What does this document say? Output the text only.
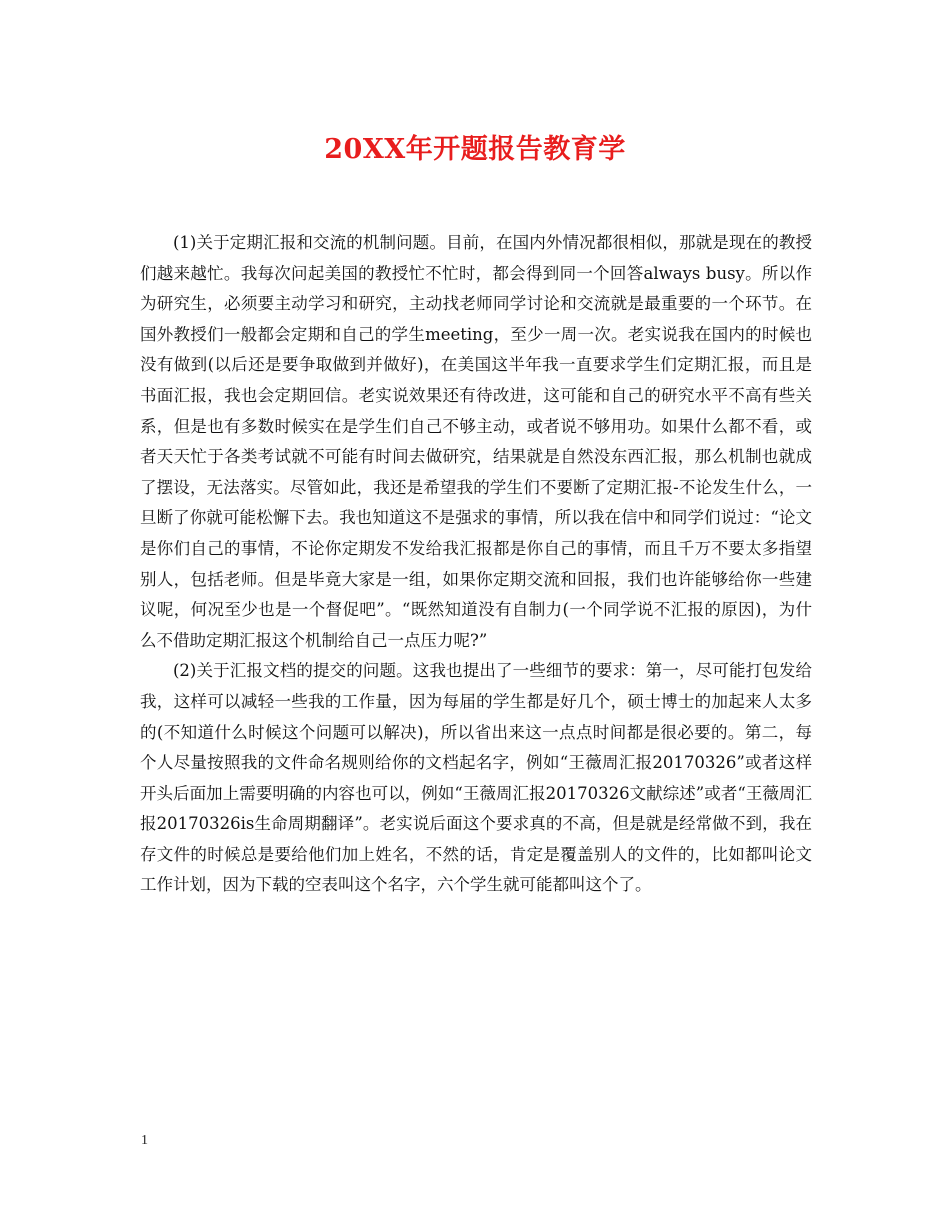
20XX年开题报告教育学

(1)关于定期汇报和交流的机制问题。目前，在国内外情况都很相似，那就是现在的教授们越来越忙。我每次问起美国的教授忙不忙时，都会得到同一个回答always busy。所以作为研究生，必须要主动学习和研究，主动找老师同学讨论和交流就是最重要的一个环节。在国外教授们一般都会定期和自己的学生meeting，至少一周一次。老实说我在国内的时候也没有做到(以后还是要争取做到并做好)，在美国这半年我一直要求学生们定期汇报，而且是书面汇报，我也会定期回信。老实说效果还有待改进，这可能和自己的研究水平不高有些关系，但是也有多数时候实在是学生们自己不够主动，或者说不够用功。如果什么都不看，或者天天忙于各类考试就不可能有时间去做研究，结果就是自然没东西汇报，那么机制也就成了摆设，无法落实。尽管如此，我还是希望我的学生们不要断了定期汇报-不论发生什么，一旦断了你就可能松懈下去。我也知道这不是强求的事情，所以我在信中和同学们说过：“论文是你们自己的事情，不论你定期发不发给我汇报都是你自己的事情，而且千万不要太多指望别人，包括老师。但是毕竟大家是一组，如果你定期交流和回报，我们也许能够给你一些建议呢，何况至少也是一个督促吧”。“既然知道没有自制力(一个同学说不汇报的原因)，为什么不借助定期汇报这个机制给自己一点压力呢?”

(2)关于汇报文档的提交的问题。这我也提出了一些细节的要求：第一，尽可能打包发给我，这样可以减轻一些我的工作量，因为每届的学生都是好几个，硕士博士的加起来人太多的(不知道什么时候这个问题可以解决)，所以省出来这一点点时间都是很必要的。第二，每个人尽量按照我的文件命名规则给你的文档起名字，例如“王薇周汇报20170326”或者这样开头后面加上需要明确的内容也可以，例如“王薇周汇报20170326文献综述”或者“王薇周汇报20170326is生命周期翻译”。老实说后面这个要求真的不高，但是就是经常做不到，我在存文件的时候总是要给他们加上姓名，不然的话，肯定是覆盖别人的文件的，比如都叫论文工作计划，因为下载的空表叫这个名字，六个学生就可能都叫这个了。

1
